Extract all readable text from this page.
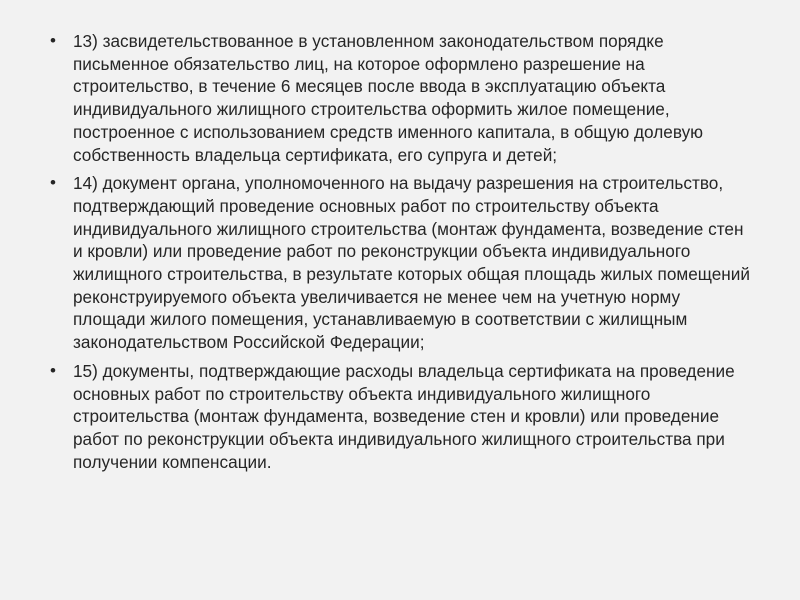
• 13) засвидетельствованное в установленном законодательством порядке письменное обязательство лиц, на которое оформлено разрешение на строительство, в течение 6 месяцев после ввода в эксплуатацию объекта индивидуального жилищного строительства оформить жилое помещение, построенное с использованием средств именного капитала, в общую долевую собственность владельца сертификата, его супруга и детей;
• 14) документ органа, уполномоченного на выдачу разрешения на строительство, подтверждающий проведение основных работ по строительству объекта индивидуального жилищного строительства (монтаж фундамента, возведение стен и кровли) или проведение работ по реконструкции объекта индивидуального жилищного строительства, в результате которых общая площадь жилых помещений реконструируемого объекта увеличивается не менее чем на учетную норму площади жилого помещения, устанавливаемую в соответствии с жилищным законодательством Российской Федерации;
• 15) документы, подтверждающие расходы владельца сертификата на проведение основных работ по строительству объекта индивидуального жилищного строительства (монтаж фундамента, возведение стен и кровли) или проведение работ по реконструкции объекта индивидуального жилищного строительства при получении компенсации.
